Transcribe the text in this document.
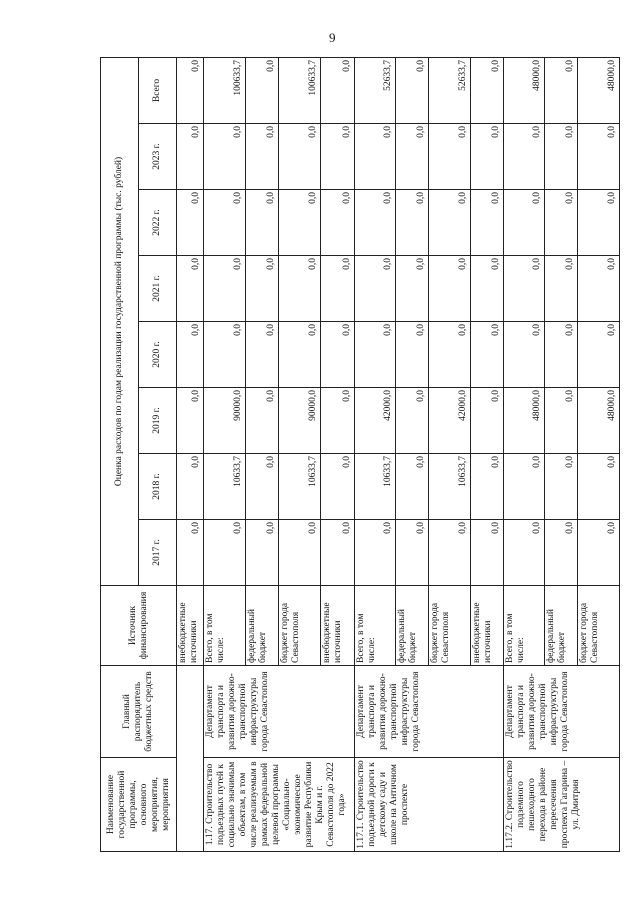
9
Наименование государственной программы, основного мероприятия, мероприятия	Главный распорядитель бюджетных средств	Источник финансирования	Оценка расходов по годам реализации государственной программы (тыс. рублей)							
			2017 г.	2018 г.	2019 г.	2020 г.	2021 г.	2022 г.	2023 г.	Всего
		внебюджетные источники	0,0	0,0	0,0	0,0	0,0	0,0	0,0	0,0
1.17. Строительство подъездных путей к социально значимым объектам, в том числе реализуемым в рамках федеральной целевой программы «Социально-экономическое развитие Республики Крым и г. Севастополя до 2022 года»	Департамент транспорта и развития дорожно-транспортной инфраструктуры города Севастополя	Всего, в том числе:	0,0	10633,7	90000,0	0,0	0,0	0,0	0,0	100633,7
		федеральный бюджет	0,0	0,0	0,0	0,0	0,0	0,0	0,0	0,0
		бюджет города Севастополя	0,0	10633,7	90000,0	0,0	0,0	0,0	0,0	100633,7
		внебюджетные источники	0,0	0,0	0,0	0,0	0,0	0,0	0,0	0,0
1.17.1. Строительство подъездной дороги к детскому саду и школе на Античном проспекте	Департамент транспорта и развития дорожно-транспортной инфраструктуры города Севастополя	Всего, в том числе:	0,0	10633,7	42000,0	0,0	0,0	0,0	0,0	52633,7
		федеральный бюджет	0,0	0,0	0,0	0,0	0,0	0,0	0,0	0,0
		бюджет города Севастополя	0,0	10633,7	42000,0	0,0	0,0	0,0	0,0	52633,7
		внебюджетные источники	0,0	0,0	0,0	0,0	0,0	0,0	0,0	0,0
1.17.2. Строительство подземного пешеходного перехода в районе пересечения проспекта Гагарина – ул. Дмитрия	Департамент транспорта и развития дорожно-транспортной инфраструктуры города Севастополя	Всего, в том числе:	0,0	0,0	48000,0	0,0	0,0	0,0	0,0	48000,0
		федеральный бюджет	0,0	0,0	0,0	0,0	0,0	0,0	0,0	0,0
		бюджет города Севастополя	0,0	0,0	48000,0	0,0	0,0	0,0	0,0	48000,0
